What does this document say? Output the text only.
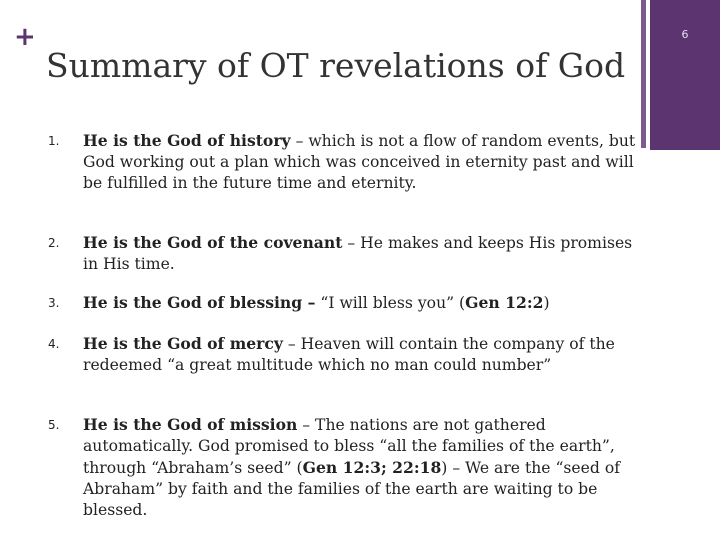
+
Summary of OT revelations of God
6
1. He is the God of history – which is not a flow of random events, but God working out a plan which was conceived in eternity past and will be fulfilled in the future time and eternity.
2. He is the God of the covenant – He makes and keeps His promises in His time.
3. He is the God of blessing – “I will bless you” (Gen 12:2)
4. He is the God of mercy – Heaven will contain the company of the redeemed “a great multitude which no man could number”
5. He is the God of mission – The nations are not gathered automatically. God promised to bless “all the families of the earth”, through “Abraham’s seed” (Gen 12:3; 22:18) – We are the “seed of Abraham” by faith and the families of the earth are waiting to be blessed.
